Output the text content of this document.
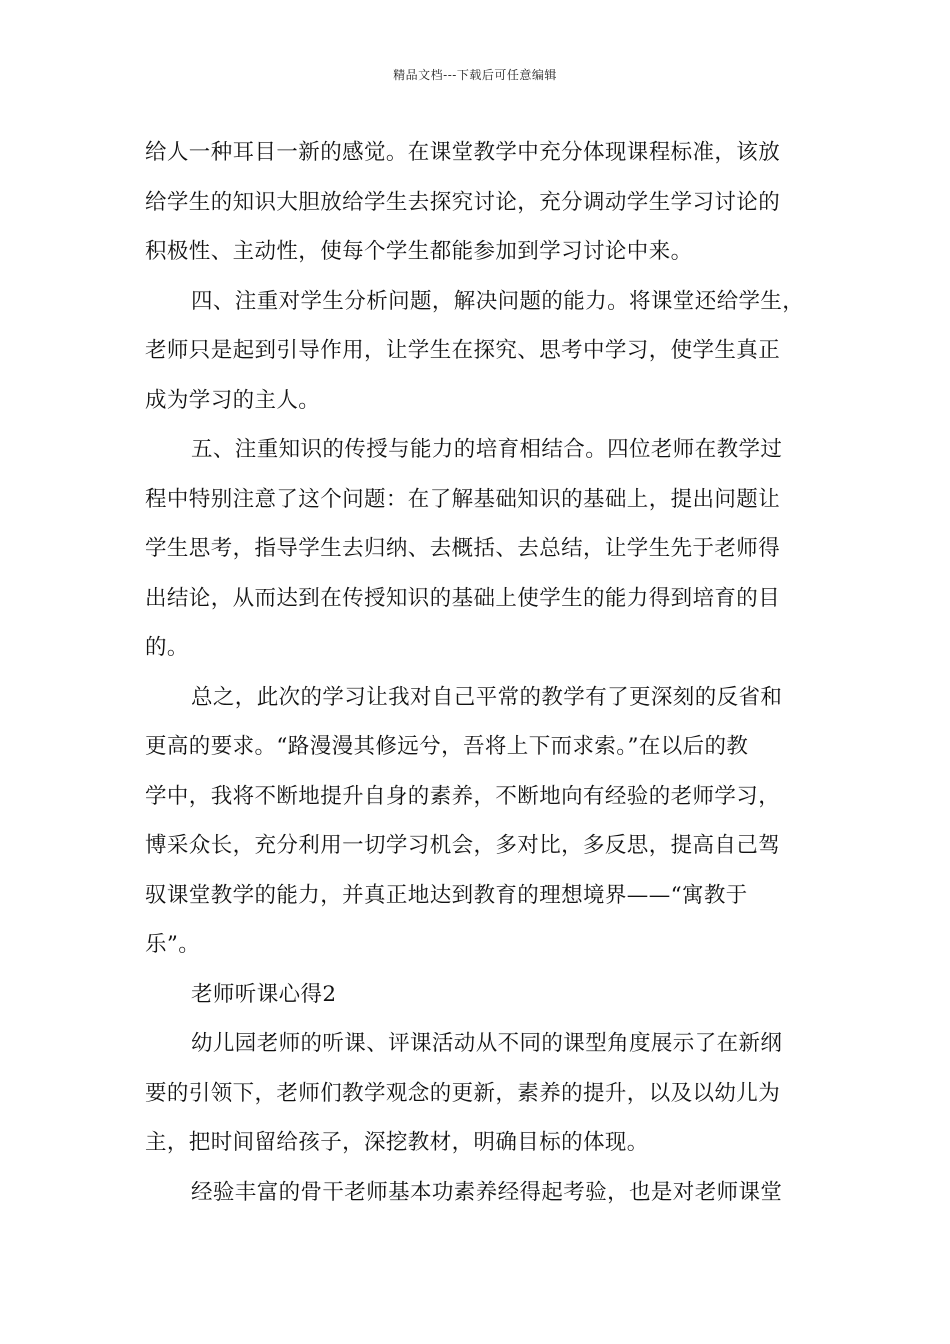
精品文档---下载后可任意编辑
给人一种耳目一新的感觉。在课堂教学中充分体现课程标准，该放
给学生的知识大胆放给学生去探究讨论，充分调动学生学习讨论的
积极性、主动性，使每个学生都能参加到学习讨论中来。
四、注重对学生分析问题，解决问题的能力。将课堂还给学生，
老师只是起到引导作用，让学生在探究、思考中学习，使学生真正
成为学习的主人。
五、注重知识的传授与能力的培育相结合。四位老师在教学过
程中特别注意了这个问题：在了解基础知识的基础上，提出问题让
学生思考，指导学生去归纳、去概括、去总结，让学生先于老师得
出结论，从而达到在传授知识的基础上使学生的能力得到培育的目
的。
总之，此次的学习让我对自己平常的教学有了更深刻的反省和
更高的要求。“路漫漫其修远兮，吾将上下而求索。”在以后的教
学中，我将不断地提升自身的素养，不断地向有经验的老师学习，
博采众长，充分利用一切学习机会，多对比，多反思，提高自己驾
驭课堂教学的能力，并真正地达到教育的理想境界——“寓教于
乐”。
老师听课心得2
幼儿园老师的听课、评课活动从不同的课型角度展示了在新纲
要的引领下，老师们教学观念的更新，素养的提升，以及以幼儿为
主，把时间留给孩子，深挖教材，明确目标的体现。
经验丰富的骨干老师基本功素养经得起考验，也是对老师课堂
